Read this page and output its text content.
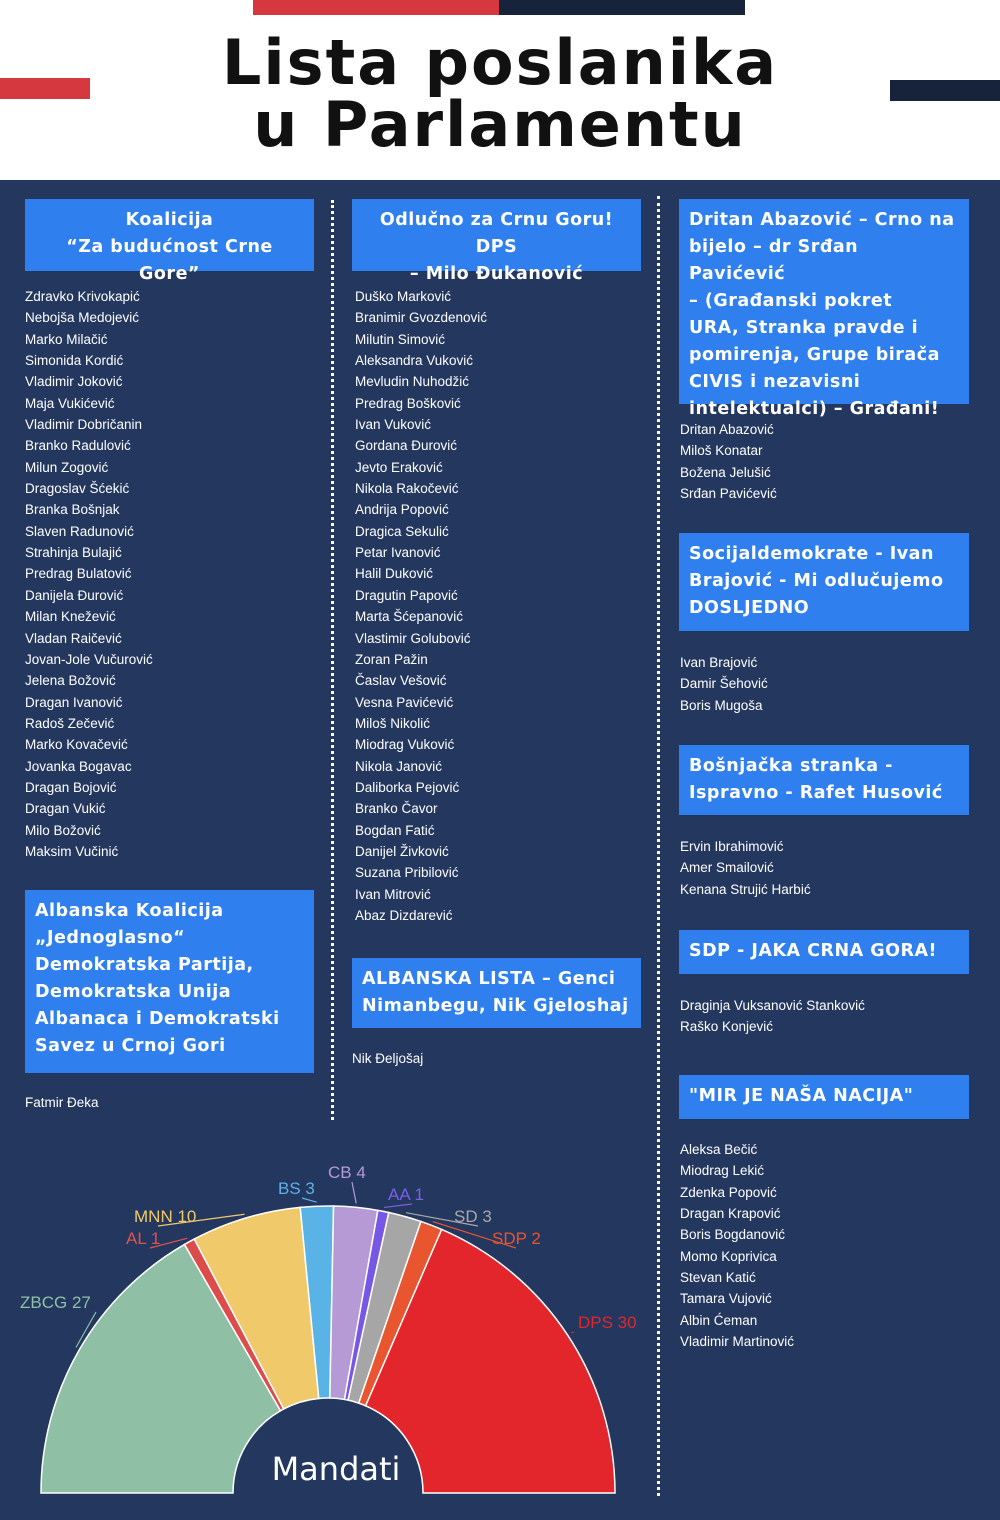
Lista poslanika
u Parlamentu
Koalicija
“Za budućnost Crne Gore”
Zdravko Krivokapić
Nebojša Medojević
Marko Milačić
Simonida Kordić
Vladimir Joković
Maja Vukićević
Vladimir Dobričanin
Branko Radulović
Milun Zogović
Dragoslav Šćekić
Branka Bošnjak
Slaven Radunović
Strahinja Bulajić
Predrag Bulatović
Danijela Đurović
Milan Knežević
Vladan Raičević
Jovan-Jole Vučurović
Jelena Božović
Dragan Ivanović
Radoš Zečević
Marko Kovačević
Jovanka Bogavac
Dragan Bojović
Dragan Vukić
Milo Božović
Maksim Vučinić
Albanska Koalicija
„Jednoglasno“
Demokratska Partija,
Demokratska Unija
Albanaca i Demokratski
Savez u Crnoj Gori
Fatmir Đeka
Odlučno za Crnu Goru! DPS
– Milo Đukanović
Duško Marković
Branimir Gvozdenović
Milutin Simović
Aleksandra Vuković
Mevludin Nuhodžić
Predrag Bošković
Ivan Vuković
Gordana Đurović
Jevto Eraković
Nikola Rakočević
Andrija Popović
Dragica Sekulić
Petar Ivanović
Halil Duković
Dragutin Papović
Marta Šćepanović
Vlastimir Golubović
Zoran Pažin
Časlav Vešović
Vesna Pavićević
Miloš Nikolić
Miodrag Vuković
Nikola Janović
Daliborka Pejović
Branko Čavor
Bogdan Fatić
Danijel Živković
Suzana Pribilović
Ivan Mitrović
Abaz Dizdarević
ALBANSKA LISTA – Genci
Nimanbegu, Nik Gjeloshaj
Nik Đeljošaj
Dritan Abazović – Crno na
bijelo – dr Srđan Pavićević
– (Građanski pokret
URA, Stranka pravde i
pomirenja, Grupe birača
CIVIS i nezavisni
intelektualci) – Građani!
Dritan Abazović
Miloš Konatar
Božena Jelušić
Srđan Pavićević
Socijaldemokrate - Ivan
Brajović - Mi odlučujemo
DOSLJEDNO
Ivan Brajović
Damir Šehović
Boris Mugoša
Bošnjačka stranka -
Ispravno - Rafet Husović
Ervin Ibrahimović
Amer Smailović
Kenana Strujić Harbić
SDP - JAKA CRNA GORA!
Draginja Vuksanović Stanković
Raško Konjević
"MIR JE NAŠA NACIJA"
Aleksa Bečić
Miodrag Lekić
Zdenka Popović
Dragan Krapović
Boris Bogdanović
Momo Koprivica
Stevan Katić
Tamara Vujović
Albin Ćeman
Vladimir Martinović
ZBCG 27
AL 1
MNN 10
BS 3
CB 4
AA 1
SD 3
SDP 2
DPS 30
Mandati
